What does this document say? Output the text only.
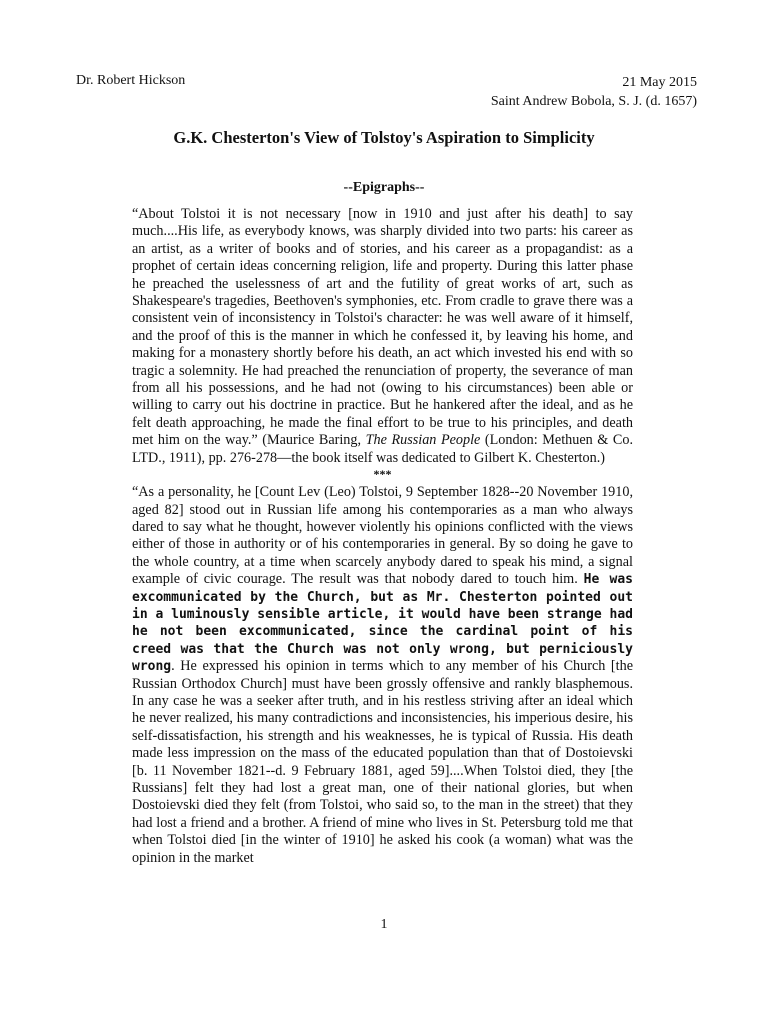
Dr. Robert Hickson	21 May 2015
Saint Andrew Bobola, S. J. (d. 1657)
G.K. Chesterton's View of Tolstoy's Aspiration to Simplicity
--Epigraphs--

“About Tolstoi it is not necessary [now in 1910 and just after his death] to say much....His life, as everybody knows, was sharply divided into two parts: his career as an artist, as a writer of books and of stories, and his career as a propagandist: as a prophet of certain ideas concerning religion, life and property. During this latter phase he preached the uselessness of art and the futility of great works of art, such as Shakespeare's tragedies, Beethoven's symphonies, etc. From cradle to grave there was a consistent vein of inconsistency in Tolstoi's character: he was well aware of it himself, and the proof of this is the manner in which he confessed it, by leaving his home, and making for a monastery shortly before his death, an act which invested his end with so tragic a solemnity. He had preached the renunciation of property, the severance of man from all his possessions, and he had not (owing to his circumstances) been able or willing to carry out his doctrine in practice. But he hankered after the ideal, and as he felt death approaching, he made the final effort to be true to his principles, and death met him on the way.” (Maurice Baring, The Russian People (London: Methuen & Co. LTD., 1911), pp. 276-278—the book itself was dedicated to Gilbert K. Chesterton.)

***

“As a personality, he [Count Lev (Leo) Tolstoi, 9 September 1828--20 November 1910, aged 82] stood out in Russian life among his contemporaries as a man who always dared to say what he thought, however violently his opinions conflicted with the views either of those in authority or of his contemporaries in general. By so doing he gave to the whole country, at a time when scarcely anybody dared to speak his mind, a signal example of civic courage. The result was that nobody dared to touch him. He was excommunicated by the Church, but as Mr. Chesterton pointed out in a luminously sensible article, it would have been strange had he not been excommunicated, since the cardinal point of his creed was that the Church was not only wrong, but perniciously wrong. He expressed his opinion in terms which to any member of his Church [the Russian Orthodox Church] must have been grossly offensive and rankly blasphemous. In any case he was a seeker after truth, and in his restless striving after an ideal which he never realized, his many contradictions and inconsistencies, his imperious desire, his self-dissatisfaction, his strength and his weaknesses, he is typical of Russia. His death made less impression on the mass of the educated population than that of Dostoievski [b. 11 November 1821--d. 9 February 1881, aged 59]....When Tolstoi died, they [the Russians] felt they had lost a great man, one of their national glories, but when Dostoievski died they felt (from Tolstoi, who said so, to the man in the street) that they had lost a friend and a brother. A friend of mine who lives in St. Petersburg told me that when Tolstoi died [in the winter of 1910] he asked his cook (a woman) what was the opinion in the market

1
